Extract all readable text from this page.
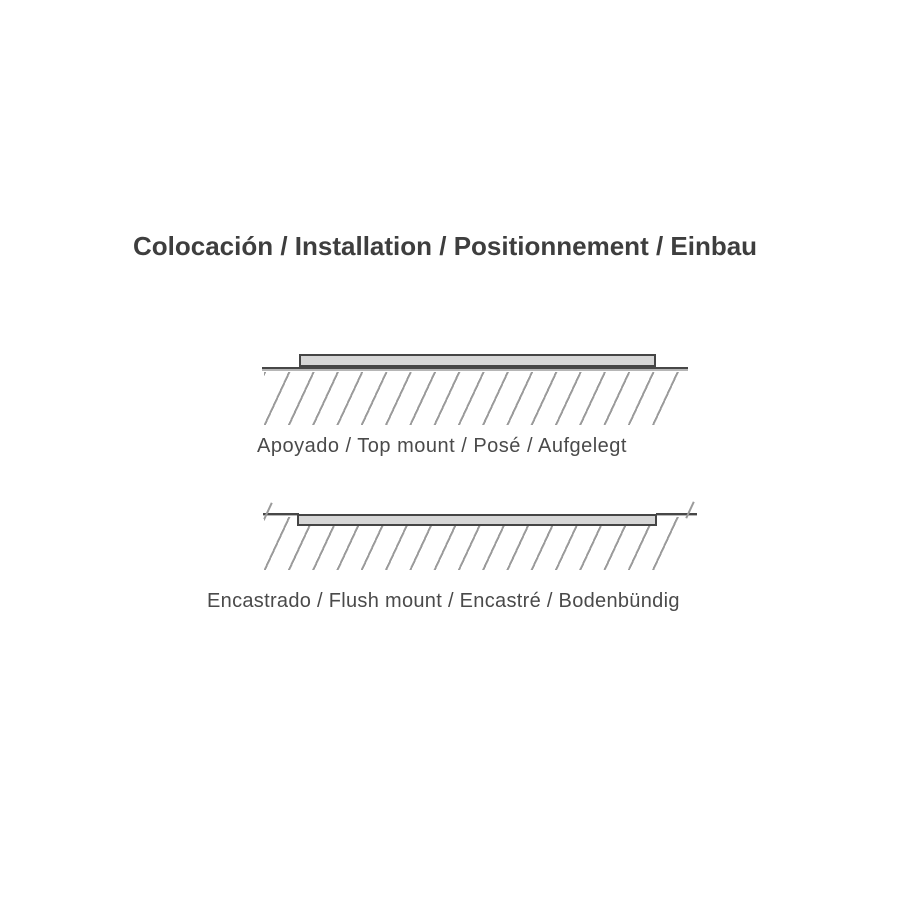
Colocación / Installation / Positionnement / Einbau

Apoyado / Top mount / Posé / Aufgelegt

Encastrado / Flush mount / Encastré / Bodenbündig
